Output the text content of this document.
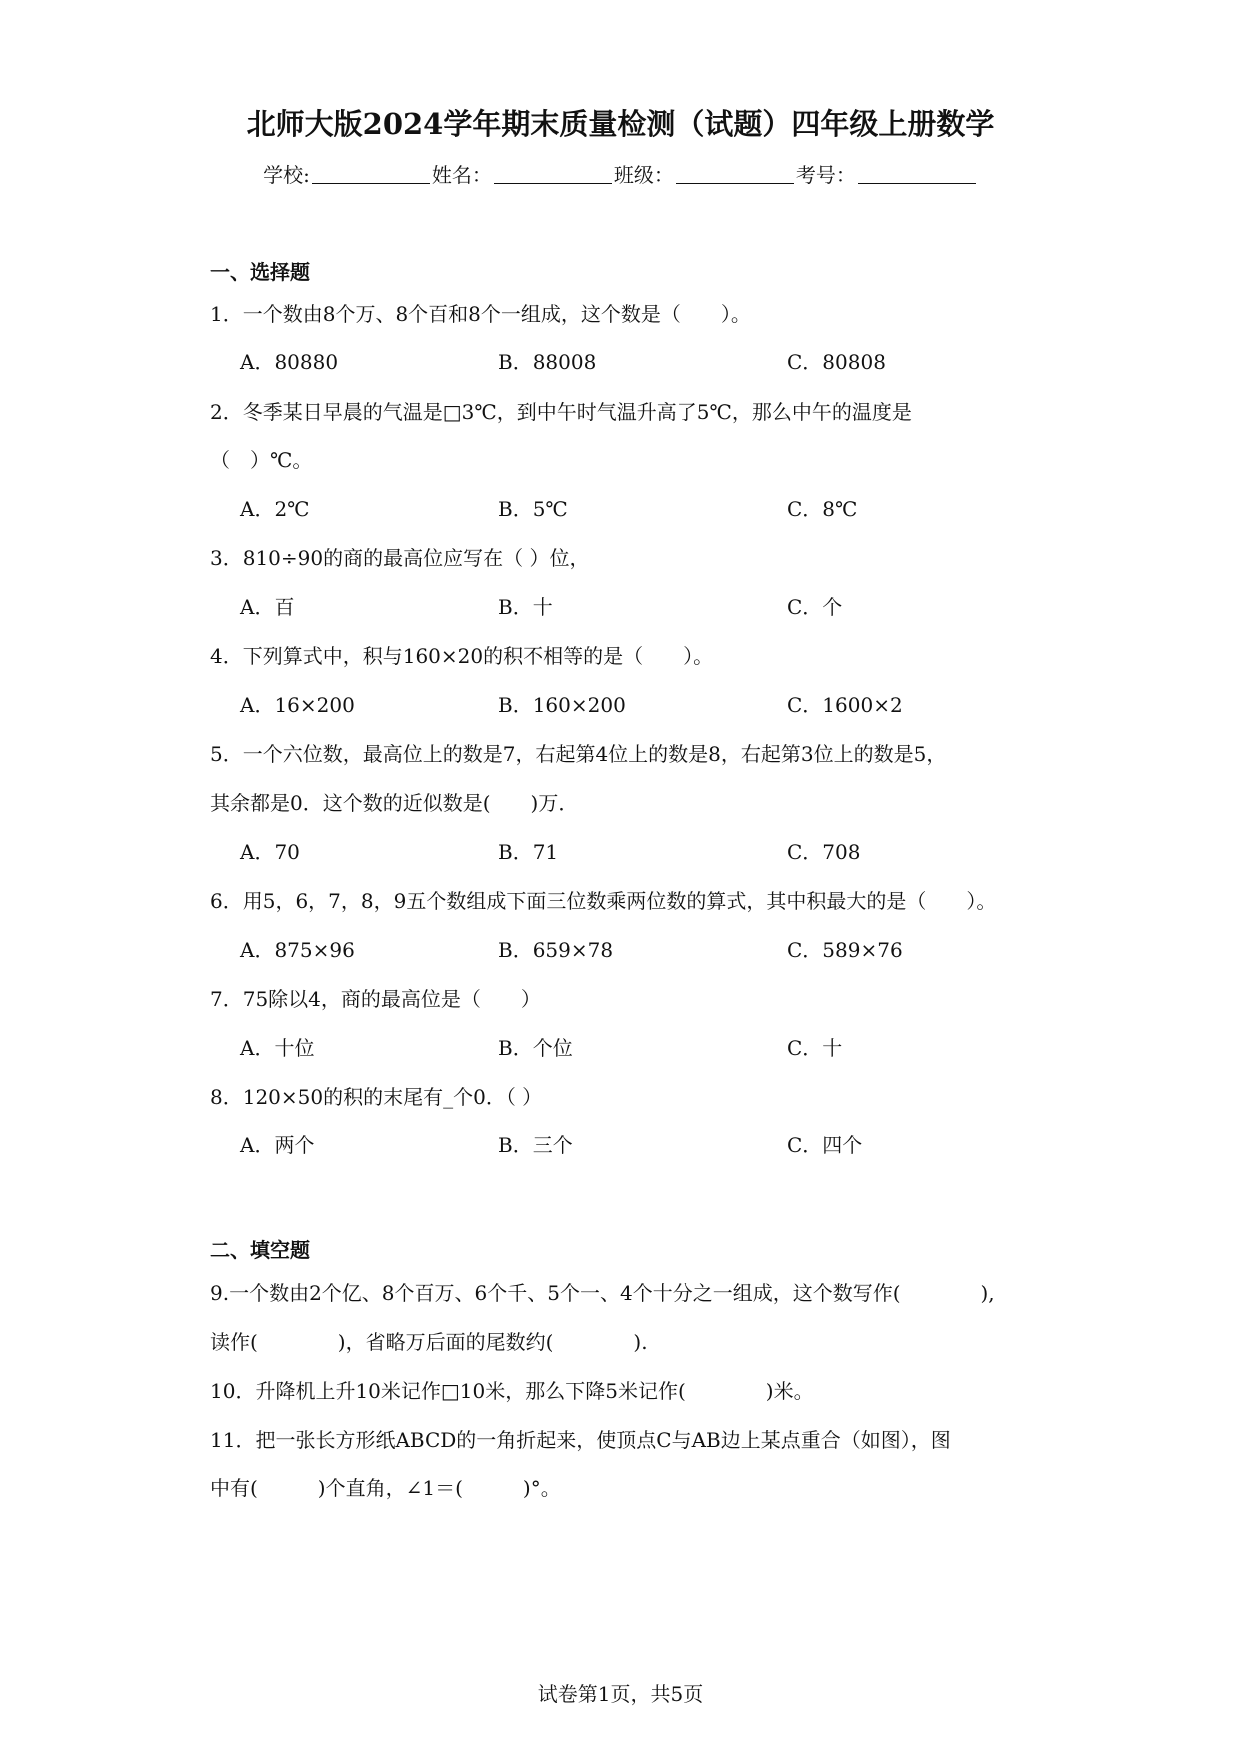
北师大版2024学年期末质量检测（试题）四年级上册数学
学校:	姓名：	班级：	考号：
一、选择题
1．一个数由8个万、8个百和8个一组成，这个数是（　　）。
A．80880	B．88008	C．80808
2．冬季某日早晨的气温是□3℃，到中午时气温升高了5℃，那么中午的温度是
（　）℃。
A．2℃	B．5℃	C．8℃
3．810÷90的商的最高位应写在（ ）位，
A．百	B．十	C．个
4．下列算式中，积与160×20的积不相等的是（　　）。
A．16×200	B．160×200	C．1600×2
5．一个六位数，最高位上的数是7，右起第4位上的数是8，右起第3位上的数是5，
其余都是0．这个数的近似数是(　　)万．
A．70	B．71	C．708
6．用5，6，7，8，9五个数组成下面三位数乘两位数的算式，其中积最大的是（　　）。
A．875×96	B．659×78	C．589×76
7．75除以4，商的最高位是（　　）
A．十位	B．个位	C．十
8．120×50的积的末尾有_个0．（ ）
A．两个	B．三个	C．四个
二、填空题
9.一个数由2个亿、8个百万、6个千、5个一、4个十分之一组成，这个数写作(　　　　),
读作(　　　　)，省略万后面的尾数约(　　　　).
10．升降机上升10米记作□10米，那么下降5米记作(　　　　)米。
11．把一张长方形纸ABCD的一角折起来，使顶点C与AB边上某点重合（如图），图
中有(　　　)个直角，∠1＝(　　　)°。
试卷第1页，共5页
